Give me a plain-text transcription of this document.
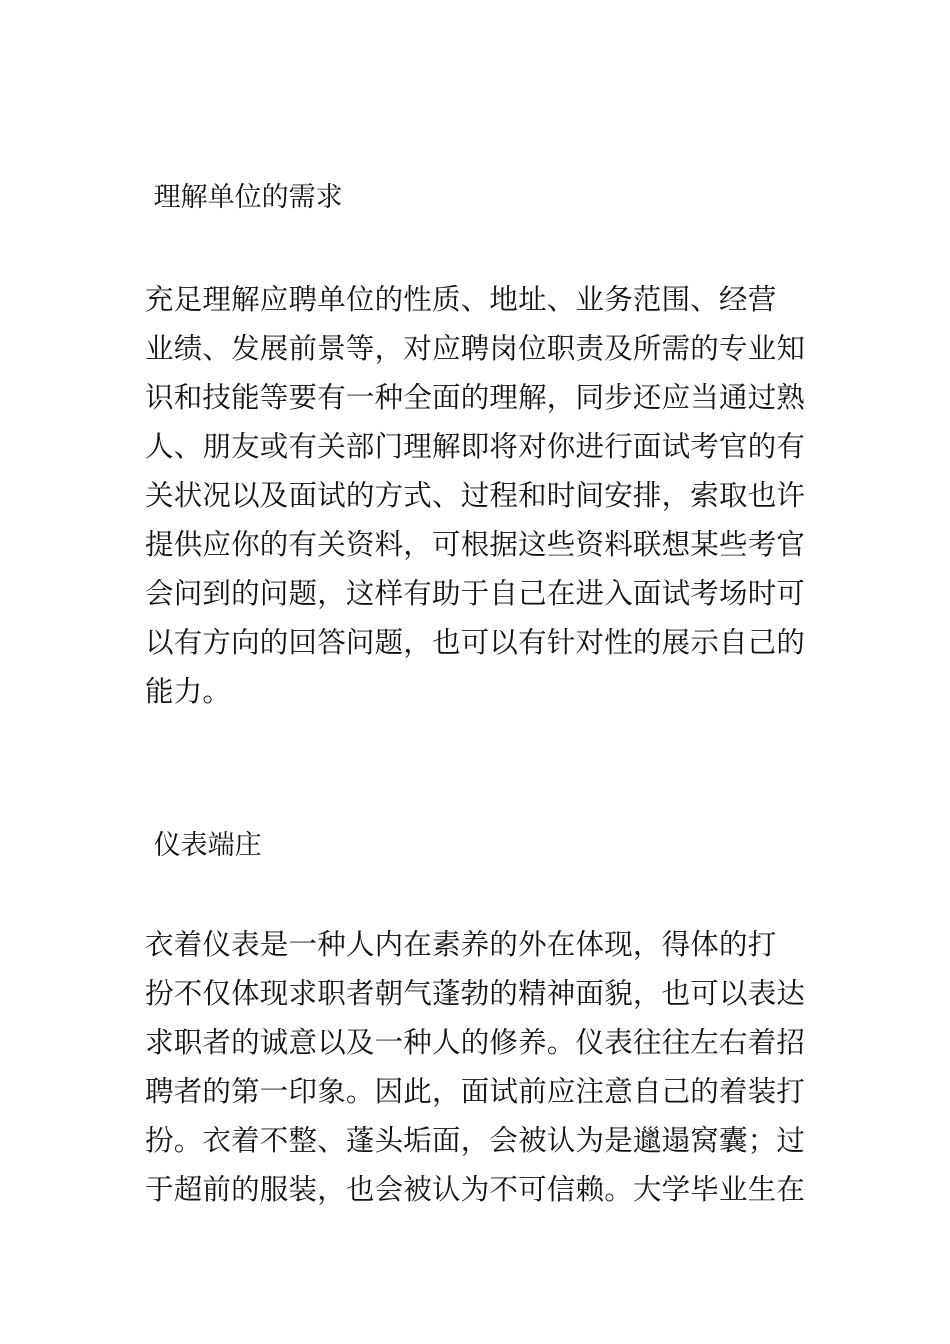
理解单位的需求

充足理解应聘单位的性质、地址、业务范围、经营
业绩、发展前景等，对应聘岗位职责及所需的专业知
识和技能等要有一种全面的理解，同步还应当通过熟
人、朋友或有关部门理解即将对你进行面试考官的有
关状况以及面试的方式、过程和时间安排，索取也许
提供应你的有关资料，可根据这些资料联想某些考官
会问到的问题，这样有助于自己在进入面试考场时可
以有方向的回答问题，也可以有针对性的展示自己的
能力。

仪表端庄

衣着仪表是一种人内在素养的外在体现，得体的打
扮不仅体现求职者朝气蓬勃的精神面貌，也可以表达
求职者的诚意以及一种人的修养。仪表往往左右着招
聘者的第一印象。因此，面试前应注意自己的着装打
扮。衣着不整、蓬头垢面，会被认为是邋遢窝囊；过
于超前的服装，也会被认为不可信赖。大学毕业生在
